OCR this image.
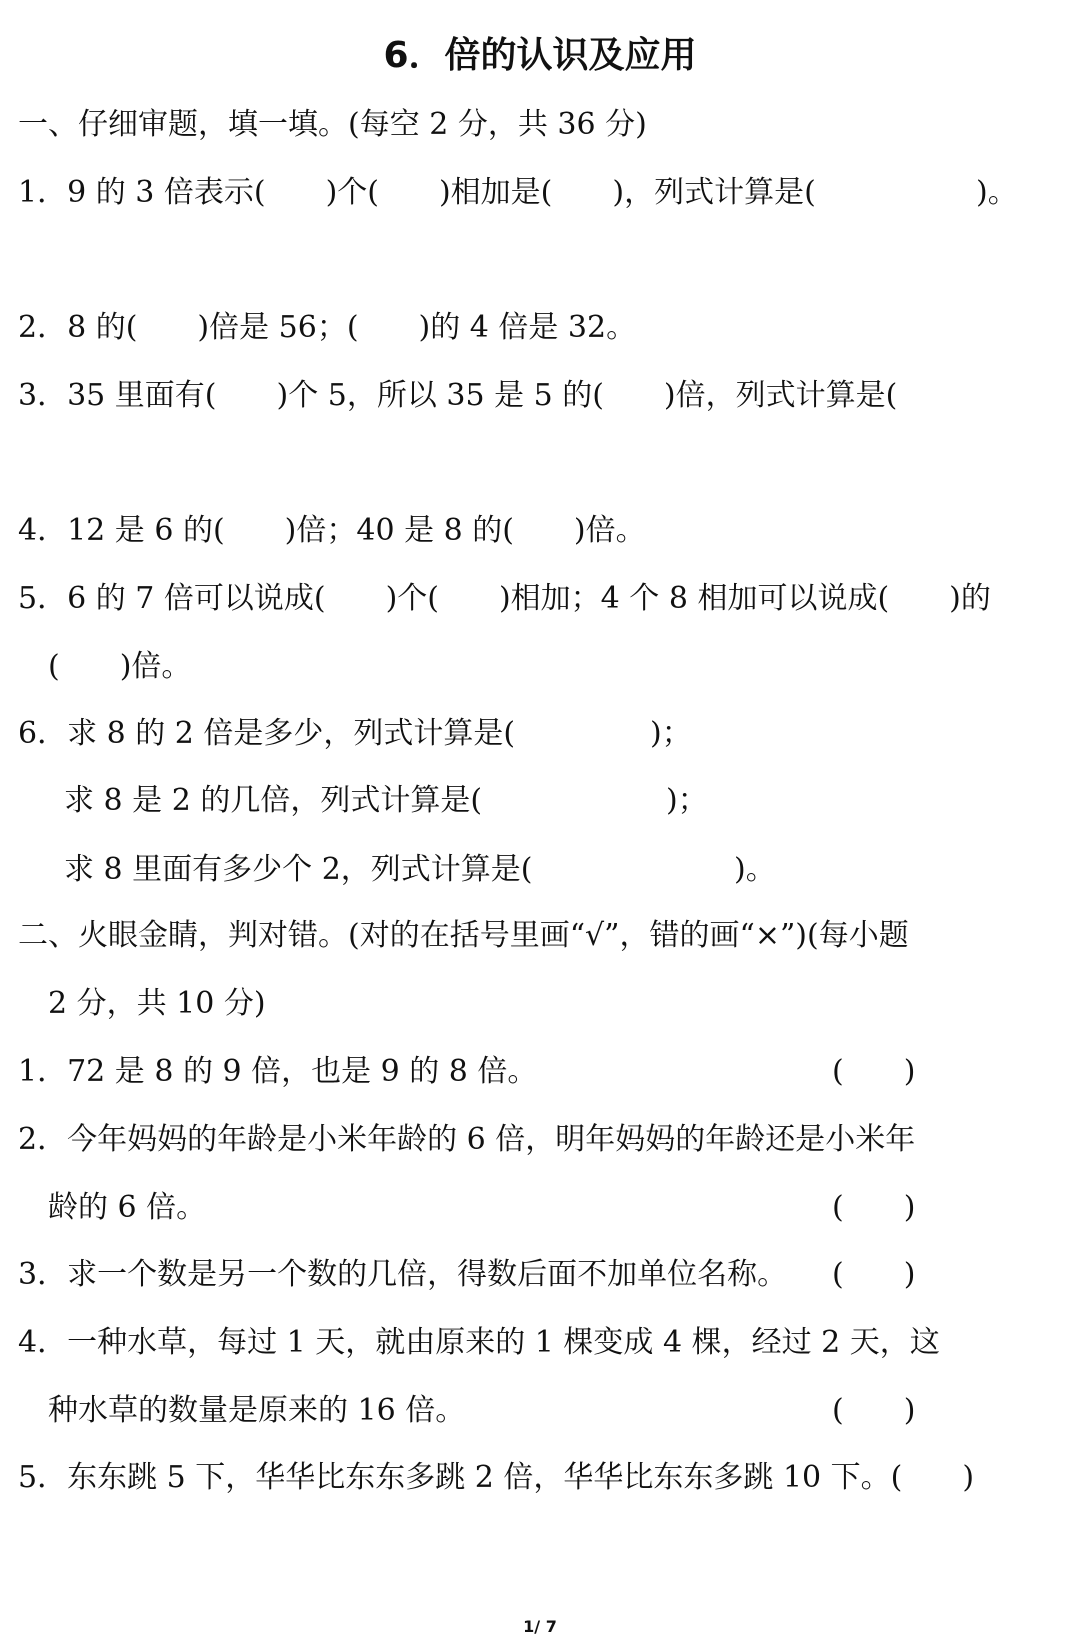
6．倍的认识及应用
一、仔细审题，填一填。(每空 2 分，共 36 分)

1．9 的 3 倍表示(　　)个(　　)相加是(　　)，列式计算是(

	)。

2．8 的(　　)倍是 56；(　　)的 4 倍是 32。
3．35 里面有(　　)个 5，所以 35 是 5 的(　　)倍，列式计算是(
4．12 是 6 的(　　)倍；40 是 8 的(　　)倍。
5．6 的 7 倍可以说成(　　)个(　　)相加；4 个 8 相加可以说成(　　)的
(　　)倍。

6．求 8 的 2 倍是多少，列式计算是(

	)；

求 8 是 2 的几倍，列式计算是(

	)；

求 8 里面有多少个 2，列式计算是(

	)。

二、火眼金睛，判对错。(对的在括号里画“√”，错的画“×”)(每小题
2 分，共 10 分)

1．72 是 8 的 9 倍，也是 9 的 8 倍。

	(　　)

2．今年妈妈的年龄是小米年龄的 6 倍，明年妈妈的年龄还是小米年

龄的 6 倍。

	(　　)

3．求一个数是另一个数的几倍，得数后面不加单位名称。

(　　)

4．一种水草，每过 1 天，就由原来的 1 棵变成 4 棵，经过 2 天，这

种水草的数量是原来的 16 倍。

	(　　)

5．东东跳 5 下，华华比东东多跳 2 倍，华华比东东多跳 10 下。(　　)
1/ 7
